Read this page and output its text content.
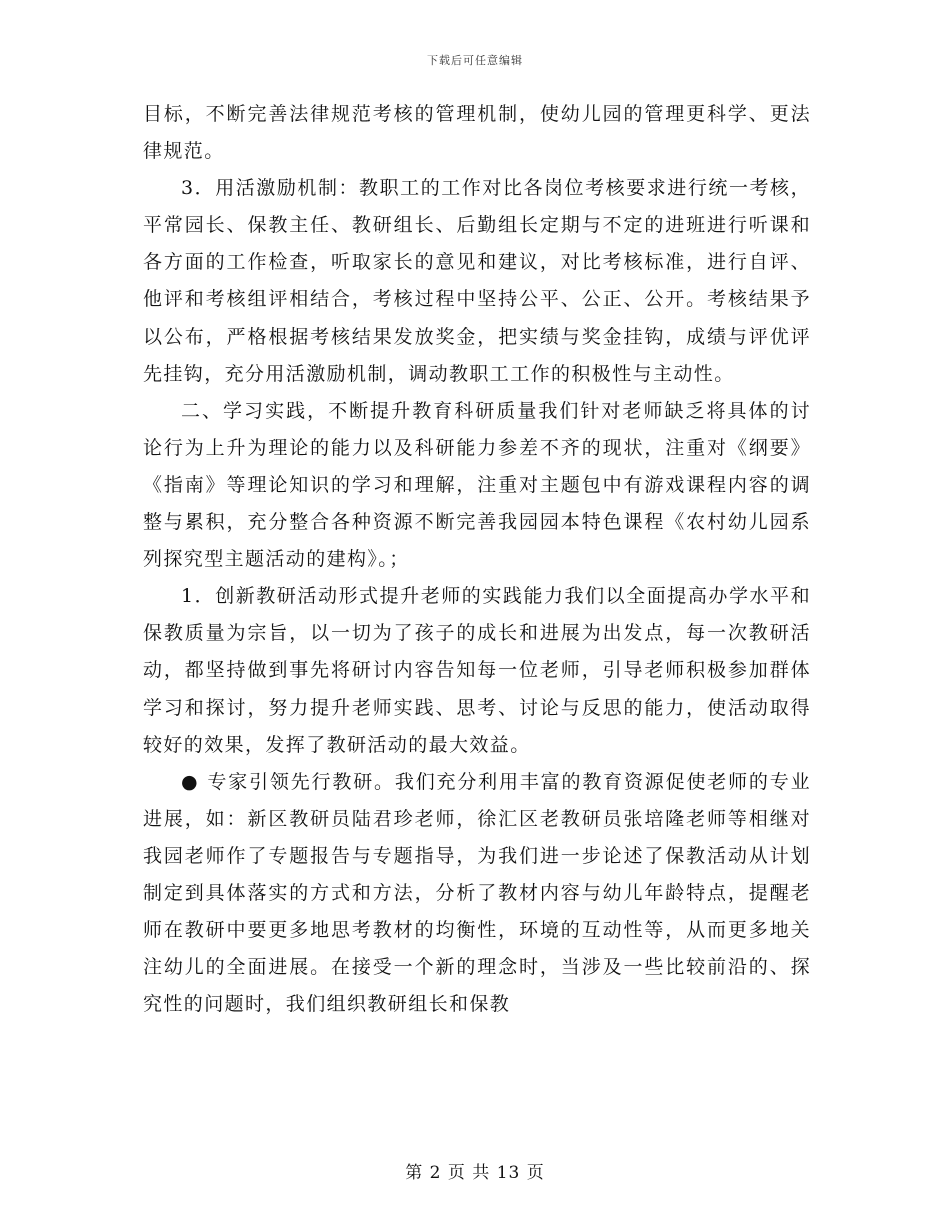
下载后可任意编辑

目标，不断完善法律规范考核的管理机制，使幼儿园的管理更科学、更法律规范。

3．用活激励机制：教职工的工作对比各岗位考核要求进行统一考核，平常园长、保教主任、教研组长、后勤组长定期与不定的进班进行听课和各方面的工作检查，听取家长的意见和建议，对比考核标准，进行自评、他评和考核组评相结合，考核过程中坚持公平、公正、公开。考核结果予以公布，严格根据考核结果发放奖金，把实绩与奖金挂钩，成绩与评优评先挂钩，充分用活激励机制，调动教职工工作的积极性与主动性。

二、学习实践，不断提升教育科研质量我们针对老师缺乏将具体的讨论行为上升为理论的能力以及科研能力参差不齐的现状，注重对《纲要》《指南》等理论知识的学习和理解，注重对主题包中有游戏课程内容的调整与累积，充分整合各种资源不断完善我园园本特色课程《农村幼儿园系列探究型主题活动的建构》。；

1．创新教研活动形式提升老师的实践能力我们以全面提高办学水平和保教质量为宗旨，以一切为了孩子的成长和进展为出发点，每一次教研活动，都坚持做到事先将研讨内容告知每一位老师，引导老师积极参加群体学习和探讨，努力提升老师实践、思考、讨论与反思的能力，使活动取得较好的效果，发挥了教研活动的最大效益。

● 专家引领先行教研。我们充分利用丰富的教育资源促使老师的专业进展，如：新区教研员陆君珍老师，徐汇区老教研员张培隆老师等相继对我园老师作了专题报告与专题指导，为我们进一步论述了保教活动从计划制定到具体落实的方式和方法，分析了教材内容与幼儿年龄特点，提醒老师在教研中要更多地思考教材的均衡性，环境的互动性等，从而更多地关注幼儿的全面进展。在接受一个新的理念时，当涉及一些比较前沿的、探究性的问题时，我们组织教研组长和保教

第 2 页 共 13 页
